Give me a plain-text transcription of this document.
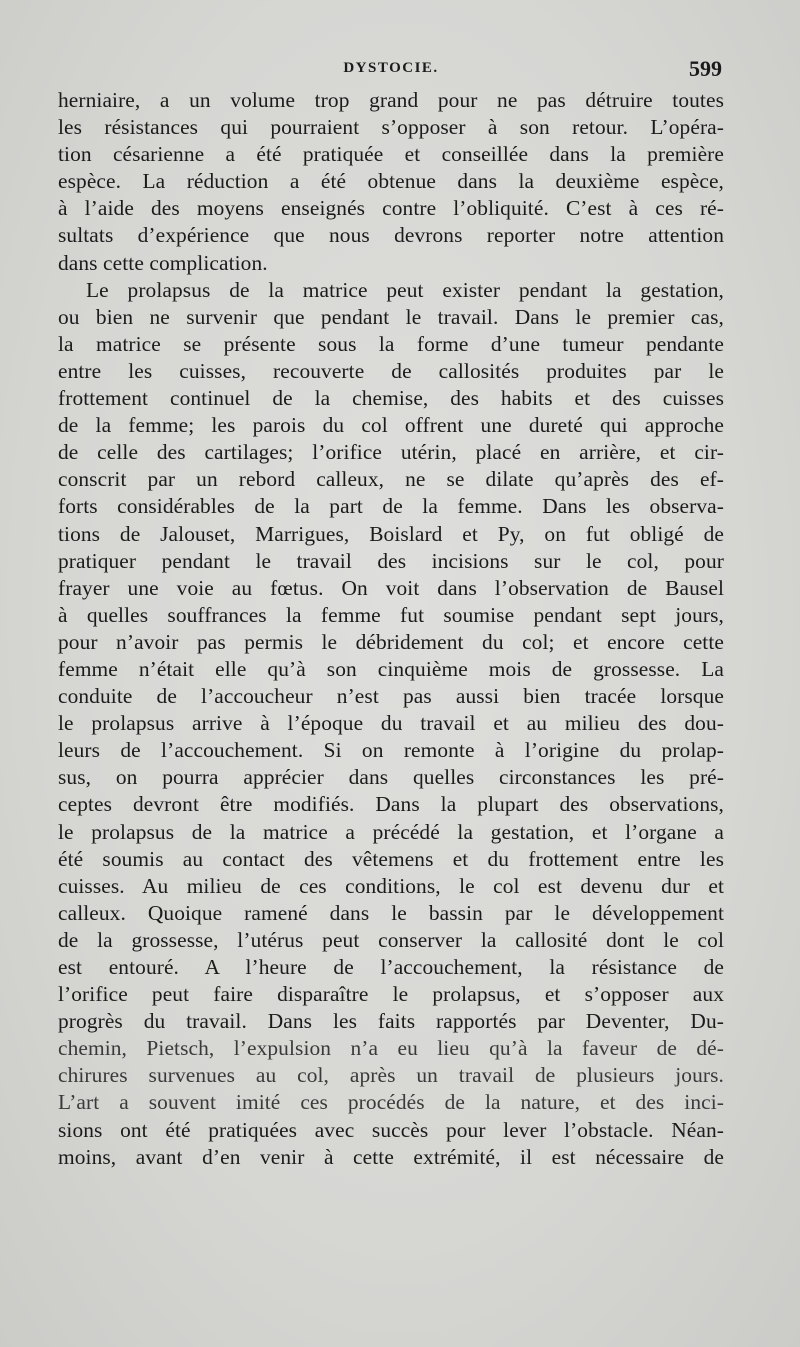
DYSTOCIE.	599
herniaire, a un volume trop grand pour ne pas détruire toutes
les résistances qui pourraient s’opposer à son retour. L’opéra-
tion césarienne a été pratiquée et conseillée dans la première
espèce. La réduction a été obtenue dans la deuxième espèce,
à l’aide des moyens enseignés contre l’obliquité. C’est à ces ré-
sultats d’expérience que nous devrons reporter notre attention
dans cette complication.
Le prolapsus de la matrice peut exister pendant la gestation,
ou bien ne survenir que pendant le travail. Dans le premier cas,
la matrice se présente sous la forme d’une tumeur pendante
entre les cuisses, recouverte de callosités produites par le
frottement continuel de la chemise, des habits et des cuisses
de la femme; les parois du col offrent une dureté qui approche
de celle des cartilages; l’orifice utérin, placé en arrière, et cir-
conscrit par un rebord calleux, ne se dilate qu’après des ef-
forts considérables de la part de la femme. Dans les observa-
tions de Jalouset, Marrigues, Boislard et Py, on fut obligé de
pratiquer pendant le travail des incisions sur le col, pour
frayer une voie au fœtus. On voit dans l’observation de Bausel
à quelles souffrances la femme fut soumise pendant sept jours,
pour n’avoir pas permis le débridement du col; et encore cette
femme n’était elle qu’à son cinquième mois de grossesse. La
conduite de l’accoucheur n’est pas aussi bien tracée lorsque
le prolapsus arrive à l’époque du travail et au milieu des dou-
leurs de l’accouchement. Si on remonte à l’origine du prolap-
sus, on pourra apprécier dans quelles circonstances les pré-
ceptes devront être modifiés. Dans la plupart des observations,
le prolapsus de la matrice a précédé la gestation, et l’organe a
été soumis au contact des vêtemens et du frottement entre les
cuisses. Au milieu de ces conditions, le col est devenu dur et
calleux. Quoique ramené dans le bassin par le développement
de la grossesse, l’utérus peut conserver la callosité dont le col
est entouré. A l’heure de l’accouchement, la résistance de
l’orifice peut faire disparaître le prolapsus, et s’opposer aux
progrès du travail. Dans les faits rapportés par Deventer, Du-
chemin, Pietsch, l’expulsion n’a eu lieu qu’à la faveur de dé-
chirures survenues au col, après un travail de plusieurs jours.
L’art a souvent imité ces procédés de la nature, et des inci-
sions ont été pratiquées avec succès pour lever l’obstacle. Néan-
moins, avant d’en venir à cette extrémité, il est nécessaire de
